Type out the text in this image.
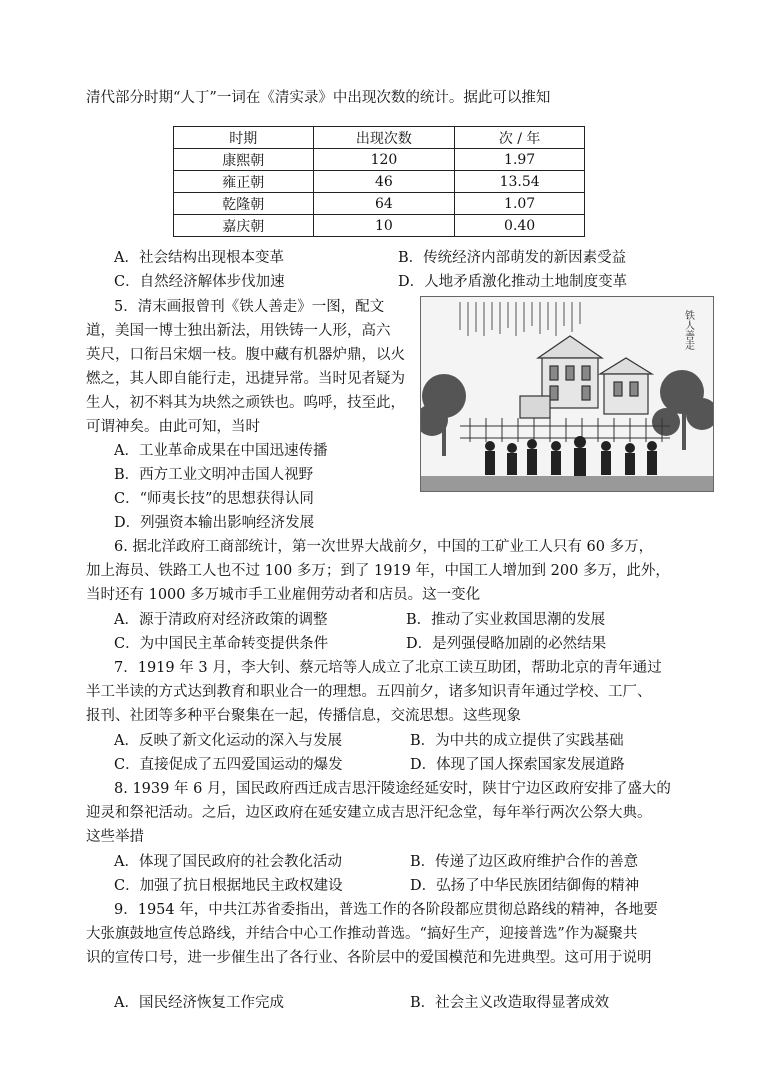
清代部分时期“人丁”一词在《清实录》中出现次数的统计。据此可以推知
时期	出现次数	次 / 年
康熙朝	120	1.97
雍正朝	46	13.54
乾隆朝	64	1.07
嘉庆朝	10	0.40
A．社会结构出现根本变革	B．传统经济内部萌发的新因素受益
C．自然经济解体步伐加速	D．人地矛盾激化推动土地制度变革
5．清末画报曾刊《铁人善走》一图，配文
道，美国一博士独出新法，用铁铸一人形，高六
英尺，口衔吕宋烟一枝。腹中藏有机器炉鼎，以火
燃之，其人即自能行走，迅捷异常。当时见者疑为
生人，初不料其为块然之顽铁也。呜呼，技至此，
可谓神矣。由此可知，当时
A．工业革命成果在中国迅速传播
B．西方工业文明冲击国人视野
C．“师夷长技”的思想获得认同
D．列强资本输出影响经济发展
铁人善走
6. 据北洋政府工商部统计，第一次世界大战前夕，中国的工矿业工人只有 60 多万，
加上海员、铁路工人也不过 100 多万；到了 1919 年，中国工人增加到 200 多万，此外，
当时还有 1000 多万城市手工业雇佣劳动者和店员。这一变化
A．源于清政府对经济政策的调整	B．推动了实业救国思潮的发展
C．为中国民主革命转变提供条件	D．是列强侵略加剧的必然结果
7．1919 年 3 月，李大钊、蔡元培等人成立了北京工读互助团，帮助北京的青年通过
半工半读的方式达到教育和职业合一的理想。五四前夕，诸多知识青年通过学校、工厂、
报刊、社团等多种平台聚集在一起，传播信息，交流思想。这些现象
A．反映了新文化运动的深入与发展	B．为中共的成立提供了实践基础
C．直接促成了五四爱国运动的爆发	D．体现了国人探索国家发展道路
8. 1939 年 6 月，国民政府西迁成吉思汗陵途经延安时，陕甘宁边区政府安排了盛大的
迎灵和祭祀活动。之后，边区政府在延安建立成吉思汗纪念堂，每年举行两次公祭大典。
这些举措
A．体现了国民政府的社会教化活动	B．传递了边区政府维护合作的善意
C．加强了抗日根据地民主政权建设	D．弘扬了中华民族团结御侮的精神
9．1954 年，中共江苏省委指出，普选工作的各阶段都应贯彻总路线的精神，各地要
大张旗鼓地宣传总路线，并结合中心工作推动普选。“搞好生产，迎接普选”作为凝聚共
识的宣传口号，进一步催生出了各行业、各阶层中的爱国模范和先进典型。这可用于说明
A．国民经济恢复工作完成	B．社会主义改造取得显著成效
